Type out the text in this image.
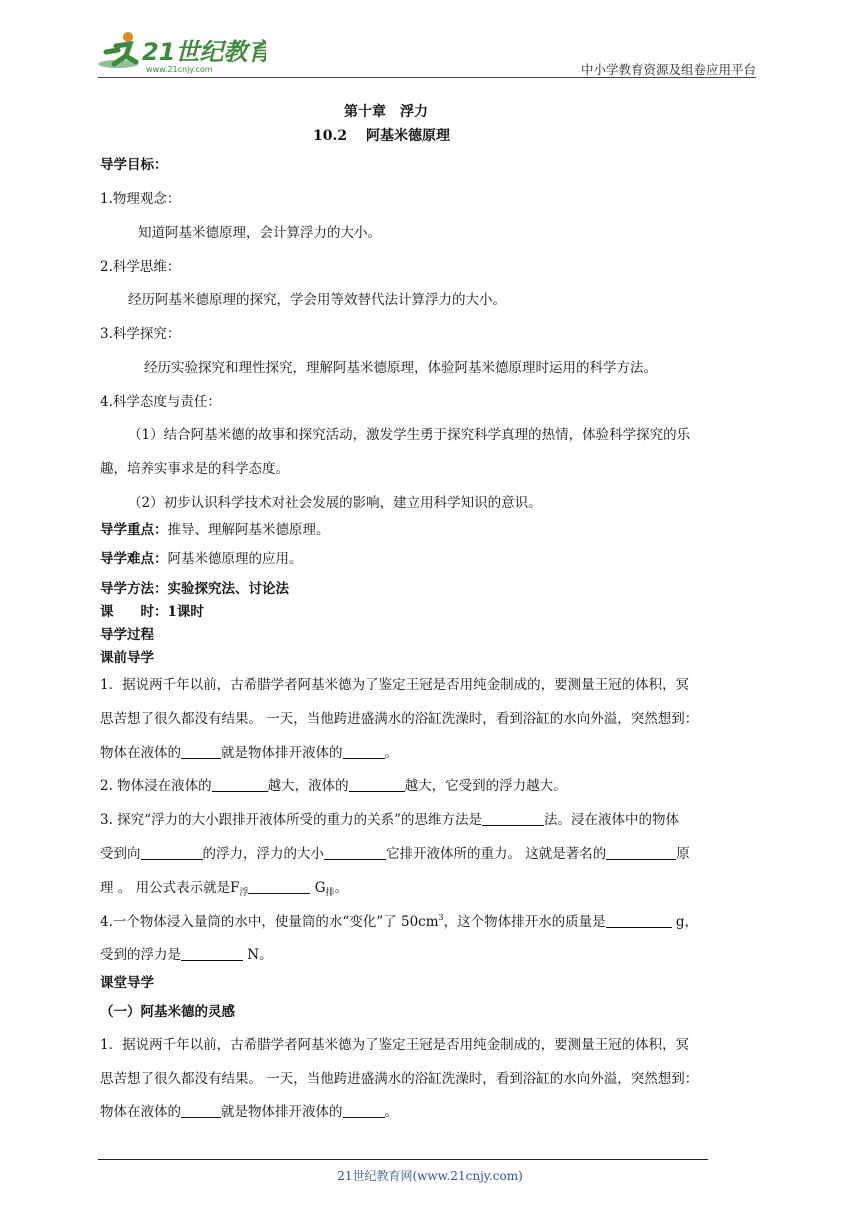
21世纪教育
www.21cnjy.com	中小学教育资源及组卷应用平台
第十章　浮力
10.2　 阿基米德原理
导学目标：
1.物理观念：
知道阿基米德原理，会计算浮力的大小。
2.科学思维：
经历阿基米德原理的探究，学会用等效替代法计算浮力的大小。
3.科学探究：
经历实验探究和理性探究，理解阿基米德原理，体验阿基米德原理时运用的科学方法。
4.科学态度与责任：
（1）结合阿基米德的故事和探究活动，激发学生勇于探究科学真理的热情，体验科学探究的乐
趣，培养实事求是的科学态度。
（2）初步认识科学技术对社会发展的影响，建立用科学知识的意识。
导学重点：推导、理解阿基米德原理。
导学难点：阿基米德原理的应用。
导学方法：实验探究法、讨论法
课　　时：1课时
导学过程
课前导学
1．据说两千年以前，古希腊学者阿基米德为了鉴定王冠是否用纯金制成的，要测量王冠的体积，冥
思苦想了很久都没有结果。 一天，当他跨进盛满水的浴缸洗澡时，看到浴缸的水向外溢，突然想到：
物体在液体的	就是物体排开液体的	。
2. 物体浸在液体的	越大，液体的	越大，它受到的浮力越大。
3. 探究“浮力的大小跟排开液体所受的重力的关系”的思维方法是	法。浸在液体中的物体
受到向	的浮力，浮力的大小	它排开液体所的重力。 这就是著名的	原
理 。 用公式表示就是$F_浮$	$G_排$。
4.一个物体浸入量筒的水中，使量筒的水“变化”了 $50cm^3$，这个物体排开水的质量是	g，
受到的浮力是	N。
课堂导学
（一）阿基米德的灵感
1．据说两千年以前，古希腊学者阿基米德为了鉴定王冠是否用纯金制成的，要测量王冠的体积，冥
思苦想了很久都没有结果。 一天，当他跨进盛满水的浴缸洗澡时，看到浴缸的水向外溢，突然想到：
物体在液体的	就是物体排开液体的	。
21世纪教育网(www.21cnjy.com)
